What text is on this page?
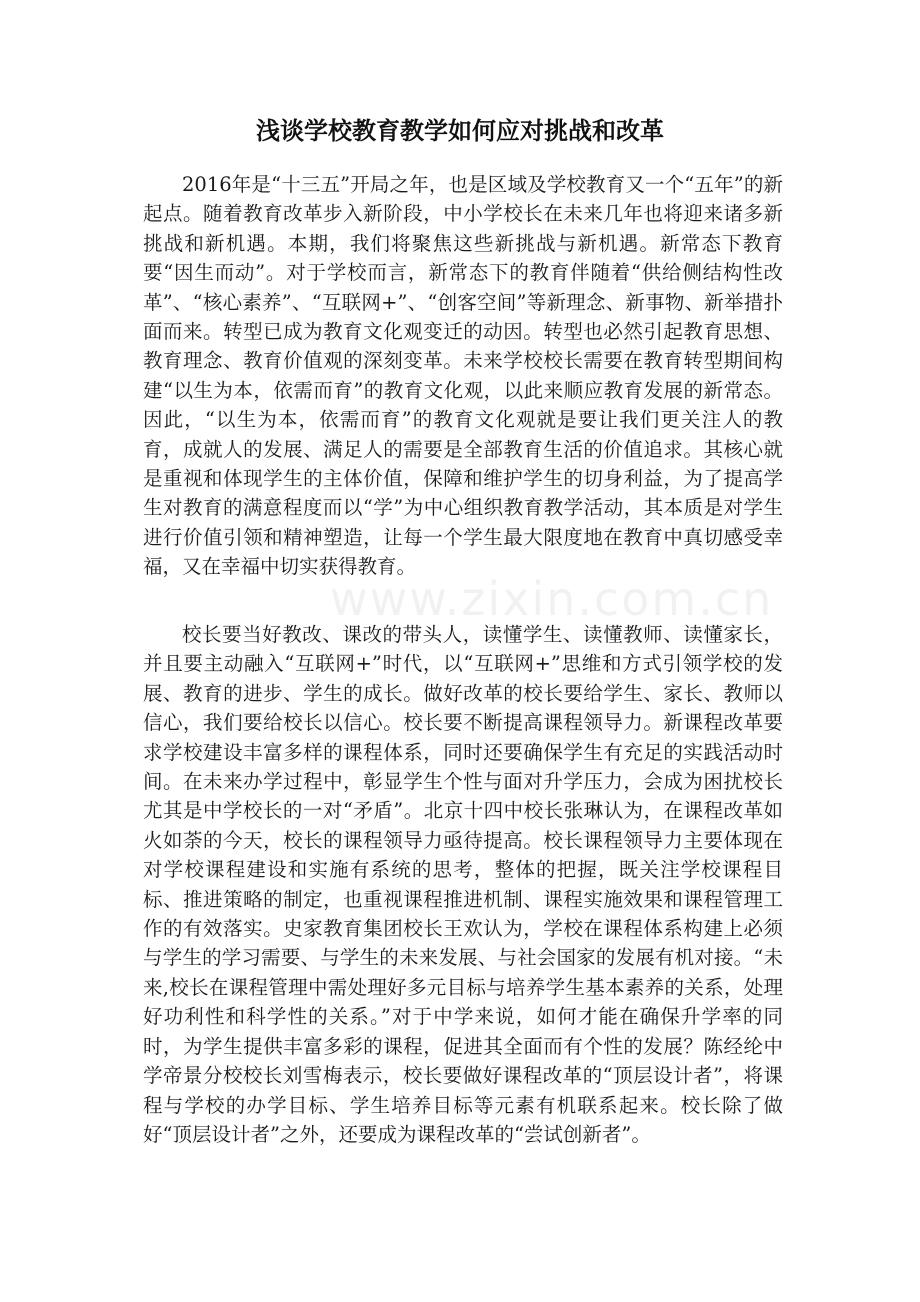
www.zixin.com.cn
浅谈学校教育教学如何应对挑战和改革

2016年是“十三五”开局之年，也是区域及学校教育又一个“五年”的新起点。随着教育改革步入新阶段，中小学校长在未来几年也将迎来诸多新挑战和新机遇。本期，我们将聚焦这些新挑战与新机遇。新常态下教育要“因生而动”。对于学校而言，新常态下的教育伴随着“供给侧结构性改革”、“核心素养”、“互联网+”、“创客空间”等新理念、新事物、新举措扑面而来。转型已成为教育文化观变迁的动因。转型也必然引起教育思想、教育理念、教育价值观的深刻变革。未来学校校长需要在教育转型期间构建“以生为本，依需而育”的教育文化观，以此来顺应教育发展的新常态。因此，“以生为本，依需而育”的教育文化观就是要让我们更关注人的教育，成就人的发展、满足人的需要是全部教育生活的价值追求。其核心就是重视和体现学生的主体价值，保障和维护学生的切身利益，为了提高学生对教育的满意程度而以“学”为中心组织教育教学活动，其本质是对学生进行价值引领和精神塑造，让每一个学生最大限度地在教育中真切感受幸福，又在幸福中切实获得教育。

校长要当好教改、课改的带头人，读懂学生、读懂教师、读懂家长，并且要主动融入“互联网+”时代，以“互联网+”思维和方式引领学校的发展、教育的进步、学生的成长。做好改革的校长要给学生、家长、教师以信心，我们要给校长以信心。校长要不断提高课程领导力。新课程改革要求学校建设丰富多样的课程体系，同时还要确保学生有充足的实践活动时间。在未来办学过程中，彰显学生个性与面对升学压力，会成为困扰校长尤其是中学校长的一对“矛盾”。北京十四中校长张琳认为，在课程改革如火如荼的今天，校长的课程领导力亟待提高。校长课程领导力主要体现在对学校课程建设和实施有系统的思考，整体的把握，既关注学校课程目标、推进策略的制定，也重视课程推进机制、课程实施效果和课程管理工作的有效落实。史家教育集团校长王欢认为，学校在课程体系构建上必须与学生的学习需要、与学生的未来发展、与社会国家的发展有机对接。“未来,校长在课程管理中需处理好多元目标与培养学生基本素养的关系，处理好功利性和科学性的关系。”对于中学来说，如何才能在确保升学率的同时，为学生提供丰富多彩的课程，促进其全面而有个性的发展？陈经纶中学帝景分校校长刘雪梅表示，校长要做好课程改革的“顶层设计者”，将课程与学校的办学目标、学生培养目标等元素有机联系起来。校长除了做好“顶层设计者”之外，还要成为课程改革的“尝试创新者”。
